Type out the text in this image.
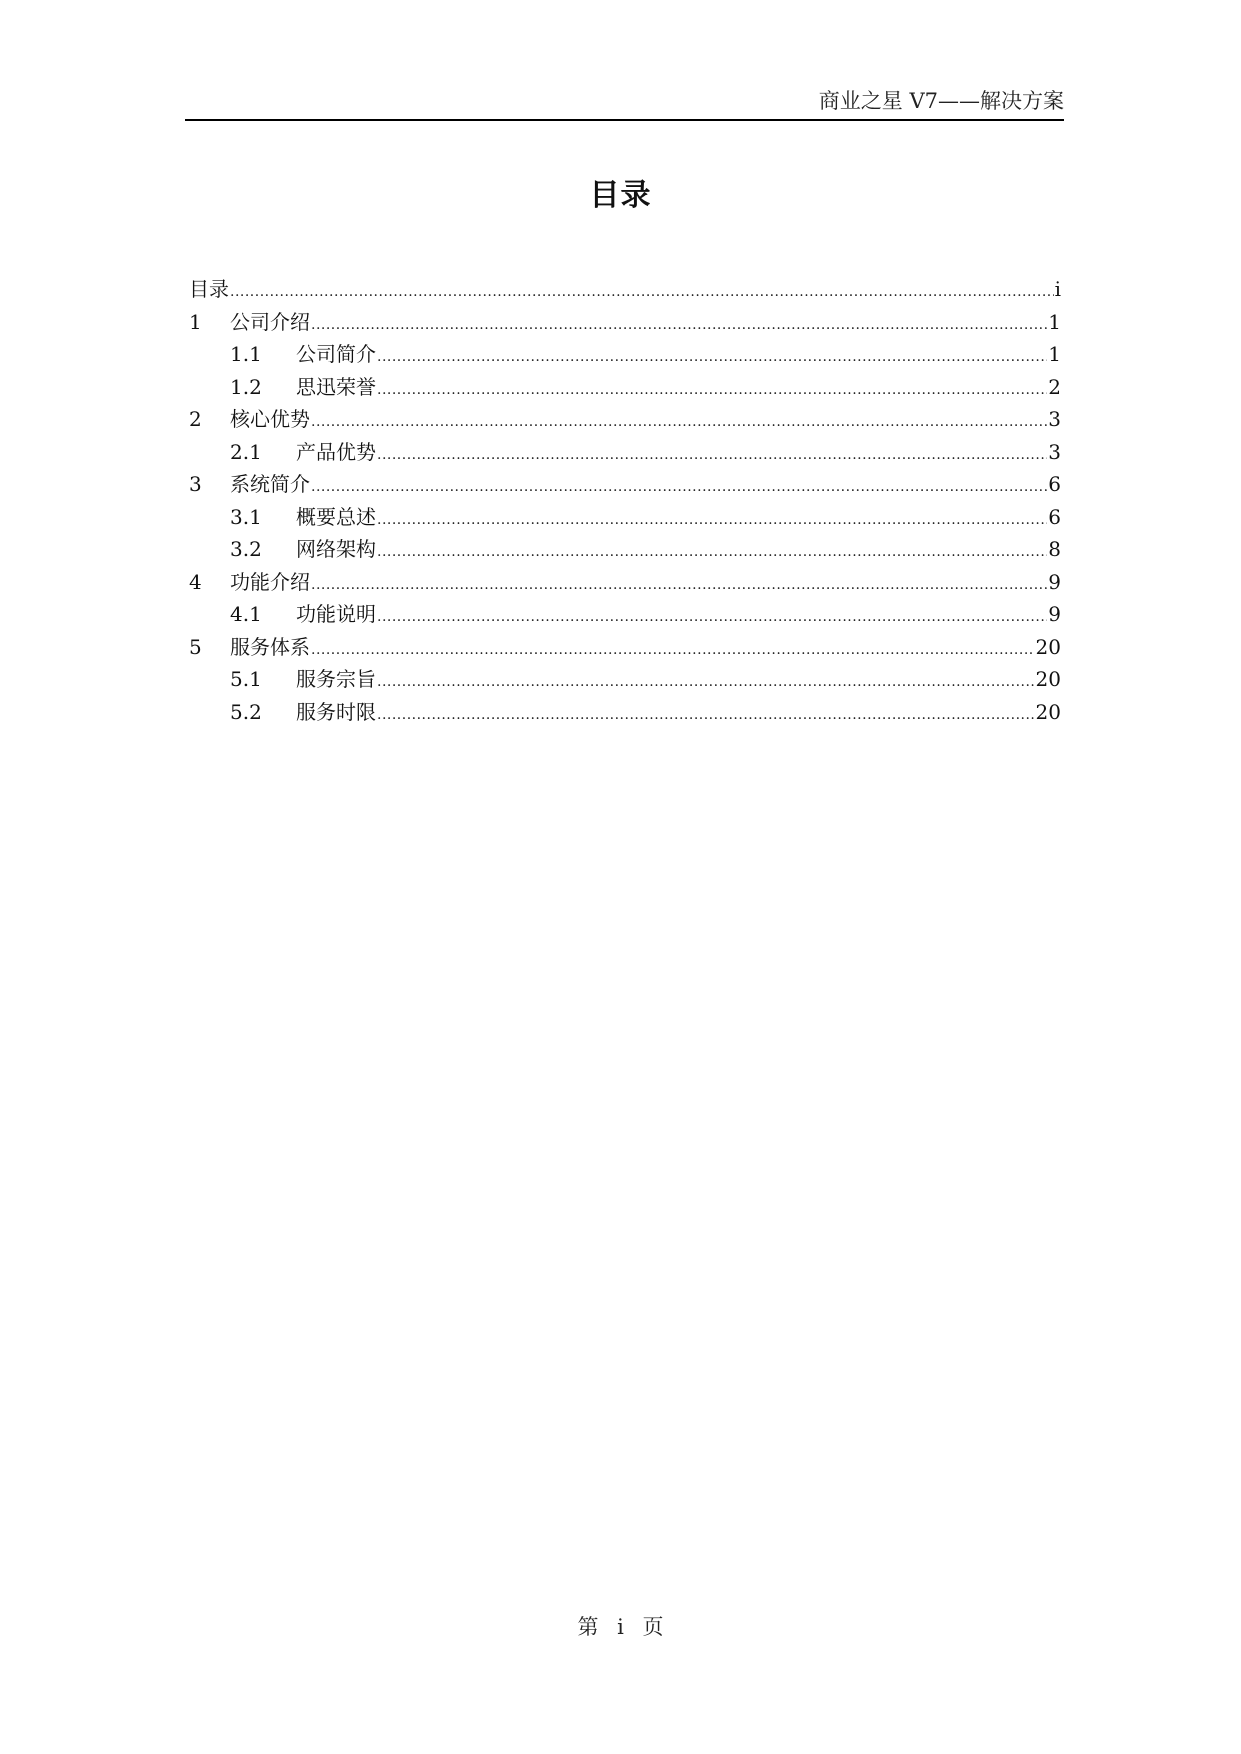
商业之星 V7——解决方案
目录
目录 .....	i
1	公司介绍 .....	1
1.1	公司简介 .....	1
1.2	思迅荣誉 .....	2
2	核心优势 .....	3
2.1	产品优势 .....	3
3	系统简介 .....	6
3.1	概要总述 .....	6
3.2	网络架构 .....	8
4	功能介绍 .....	9
4.1	功能说明 .....	9
5	服务体系 .....	20
5.1	服务宗旨 .....	20
5.2	服务时限 .....	20
第 i 页
